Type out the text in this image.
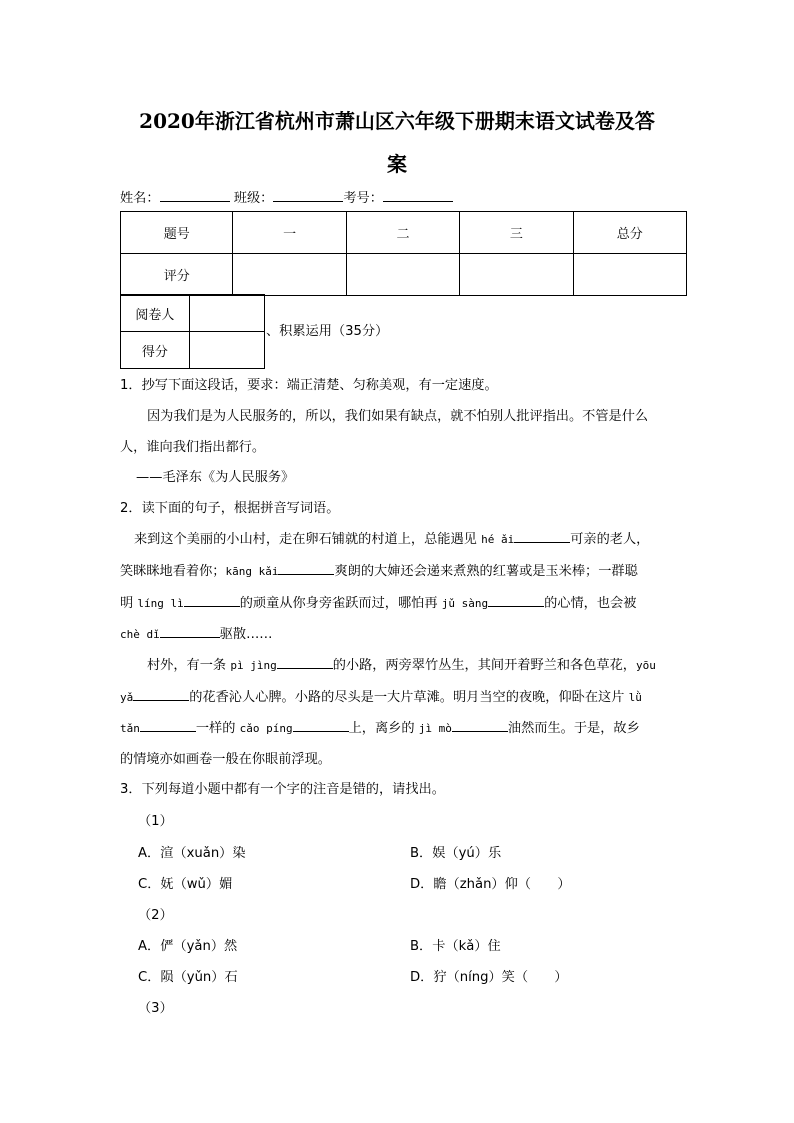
2020年浙江省杭州市萧山区六年级下册期末语文试卷及答
案
姓名：	班级：	考号：
题号	一	二	三	总分
评分				
阅卷人	
得分	
、积累运用（35分）
1．抄写下面这段话，要求：端正清楚、匀称美观，有一定速度。
因为我们是为人民服务的，所以，我们如果有缺点，就不怕别人批评指出。不管是什么
人，谁向我们指出都行。
——毛泽东《为人民服务》
2．读下面的句子，根据拼音写词语。
来到这个美丽的小山村，走在卵石铺就的村道上，总能遇见 hé ǎi	可亲的老人，
笑眯眯地看着你；kāng kǎi	爽朗的大婶还会递来煮熟的红薯或是玉米棒；一群聪
明 líng lì	的顽童从你身旁雀跃而过，哪怕再 jǔ sàng	的心情，也会被
chè dǐ	驱散……
村外，有一条 pì jìng	的小路，两旁翠竹丛生，其间开着野兰和各色草花，yōu
yǎ	的花香沁人心脾。小路的尽头是一大片草滩。明月当空的夜晚，仰卧在这片 lǜ
tǎn	一样的 cǎo píng	上，离乡的 jì mò	油然而生。于是，故乡
的情境亦如画卷一般在你眼前浮现。
3．下列每道小题中都有一个字的注音是错的，请找出。
（1）
A．渲（xuǎn）染	B．娱（yú）乐
C．妩（wǔ）媚	D．瞻（zhǎn）仰（　　）
（2）
A．俨（yǎn）然	B．卡（kǎ）住
C．陨（yǔn）石	D．狞（níng）笑（　　）
（3）
